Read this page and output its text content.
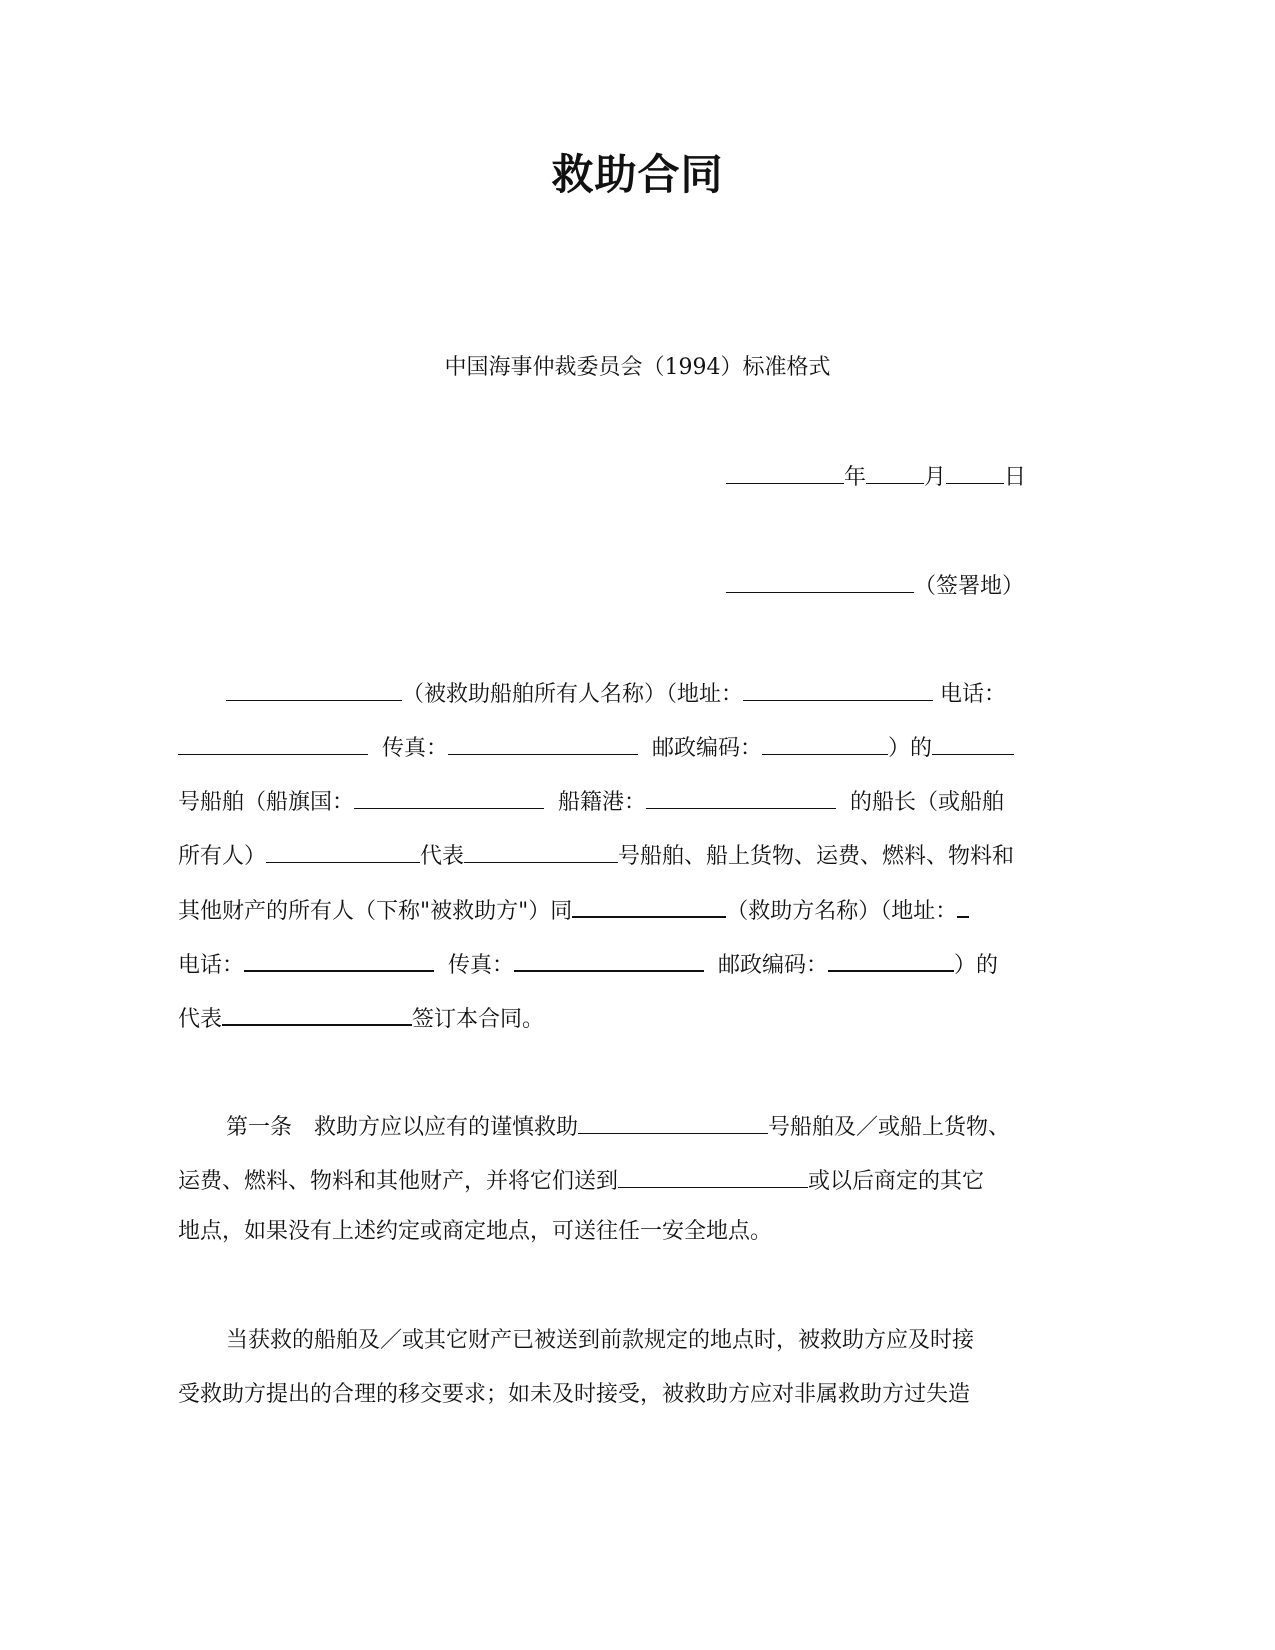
救助合同
中国海事仲裁委员会（1994）标准格式
年	月	日
（签署地）
（被救助船舶所有人名称）（地址：	电话：
传真：	邮政编码：	）的
号船舶（船旗国：	船籍港：	的船长（或船舶
所有人）	代表	号船舶、船上货物、运费、燃料、物料和
其他财产的所有人（下称"被救助方"）同	（救助方名称）（地址：
电话：	传真：	邮政编码：	）的
代表	签订本合同。
第一条　救助方应以应有的谨慎救助	号船舶及／或船上货物、
运费、燃料、物料和其他财产，并将它们送到	或以后商定的其它
地点，如果没有上述约定或商定地点，可送往任一安全地点。
当获救的船舶及／或其它财产已被送到前款规定的地点时，被救助方应及时接
受救助方提出的合理的移交要求；如未及时接受，被救助方应对非属救助方过失造
